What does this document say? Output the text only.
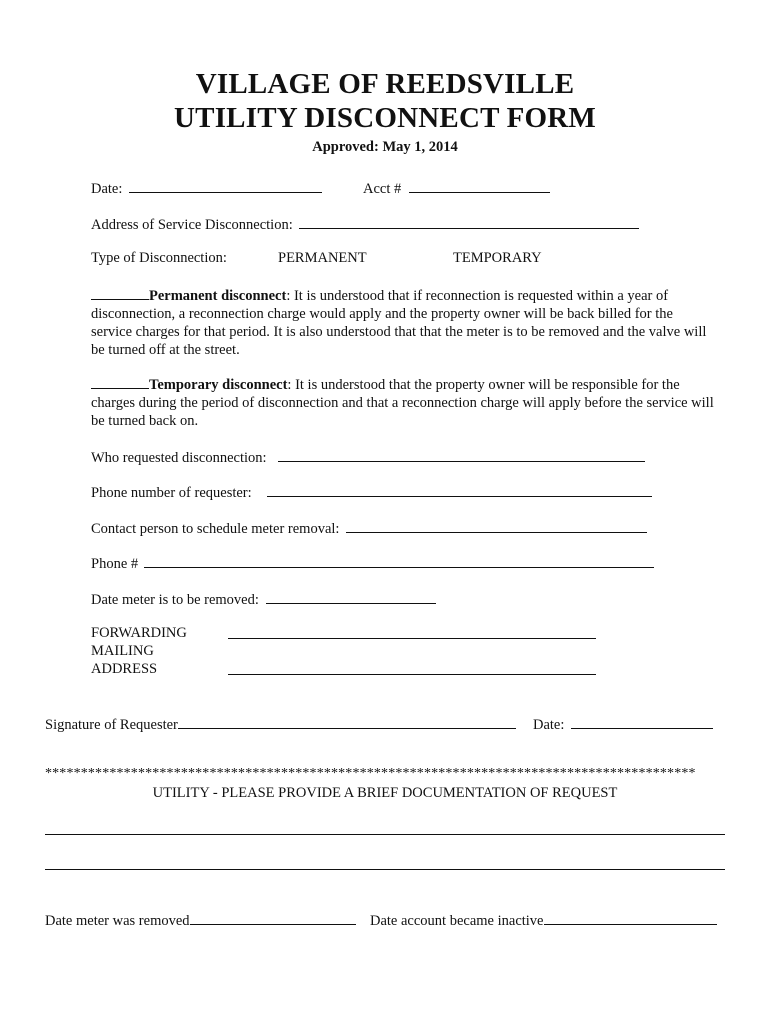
VILLAGE OF REEDSVILLE
UTILITY DISCONNECT FORM
Approved: May 1, 2014
Date:	Acct #
Address of Service Disconnection:
Type of Disconnection:	PERMANENT	TEMPORARY
Permanent disconnect: It is understood that if reconnection is requested within a year of disconnection, a reconnection charge would apply and the property owner will be back billed for the service charges for that period. It is also understood that that the meter is to be removed and the valve will be turned off at the street.
Temporary disconnect: It is understood that the property owner will be responsible for the charges during the period of disconnection and that a reconnection charge will apply before the service will be turned back on.
Who requested disconnection:
Phone number of requester:
Contact person to schedule meter removal:
Phone #
Date meter is to be removed:
FORWARDING
MAILING
ADDRESS
Signature of Requester	Date:
*******************************************************************************************
UTILITY - PLEASE PROVIDE A BRIEF DOCUMENTATION OF REQUEST
Date meter was removed	Date account became inactive
